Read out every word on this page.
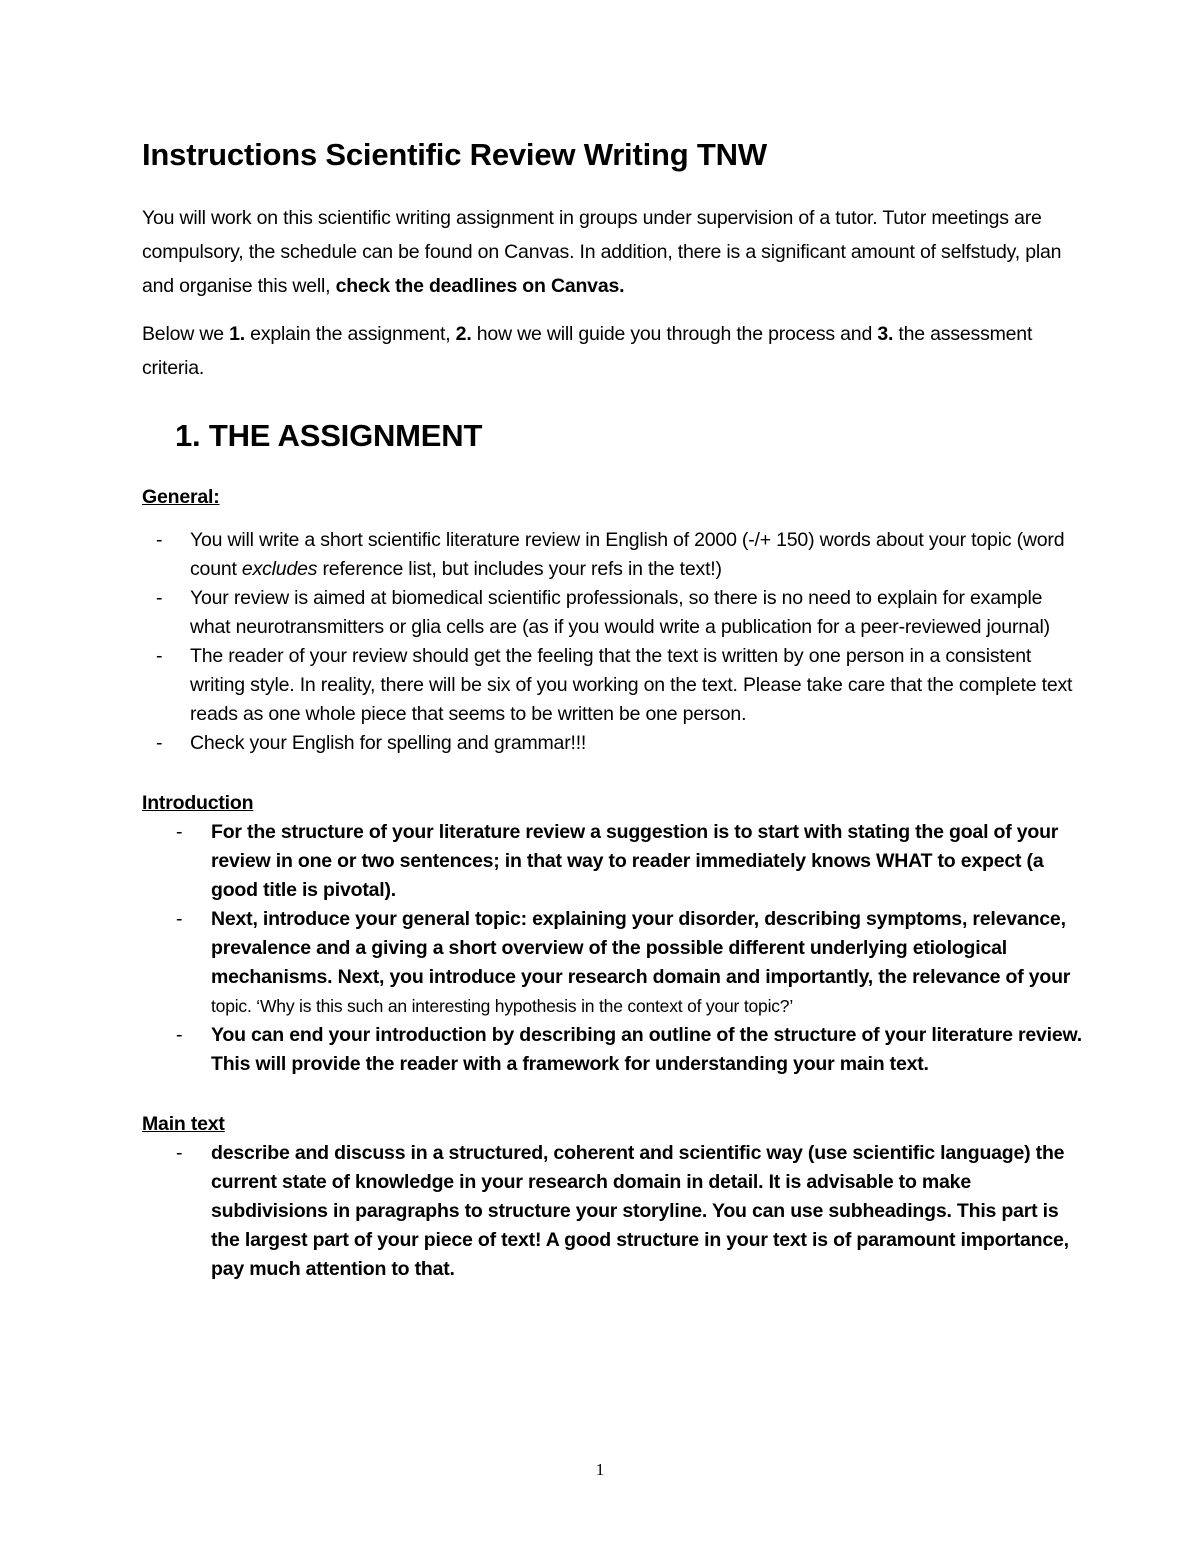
Instructions Scientific Review Writing TNW

You will work on this scientific writing assignment in groups under supervision of a tutor. Tutor meetings are compulsory, the schedule can be found on Canvas. In addition, there is a significant amount of selfstudy, plan and organise this well, check the deadlines on Canvas.

Below we 1. explain the assignment, 2. how we will guide you through the process and 3. the assessment criteria.

1. THE ASSIGNMENT
General:
- You will write a short scientific literature review in English of 2000 (-/+ 150) words about your topic (word count excludes reference list, but includes your refs in the text!)
- Your review is aimed at biomedical scientific professionals, so there is no need to explain for example what neurotransmitters or glia cells are (as if you would write a publication for a peer-reviewed journal)
- The reader of your review should get the feeling that the text is written by one person in a consistent writing style. In reality, there will be six of you working on the text. Please take care that the complete text reads as one whole piece that seems to be written be one person.
- Check your English for spelling and grammar!!!
Introduction
- For the structure of your literature review a suggestion is to start with stating the goal of your review in one or two sentences; in that way to reader immediately knows WHAT to expect (a good title is pivotal).
- Next, introduce your general topic: explaining your disorder, describing symptoms, relevance, prevalence and a giving a short overview of the possible different underlying etiological mechanisms. Next, you introduce your research domain and importantly, the relevance of your topic. ‘Why is this such an interesting hypothesis in the context of your topic?’
- You can end your introduction by describing an outline of the structure of your literature review. This will provide the reader with a framework for understanding your main text.
Main text
- describe and discuss in a structured, coherent and scientific way (use scientific language) the current state of knowledge in your research domain in detail. It is advisable to make subdivisions in paragraphs to structure your storyline. You can use subheadings. This part is the largest part of your piece of text! A good structure in your text is of paramount importance, pay much attention to that.
1
